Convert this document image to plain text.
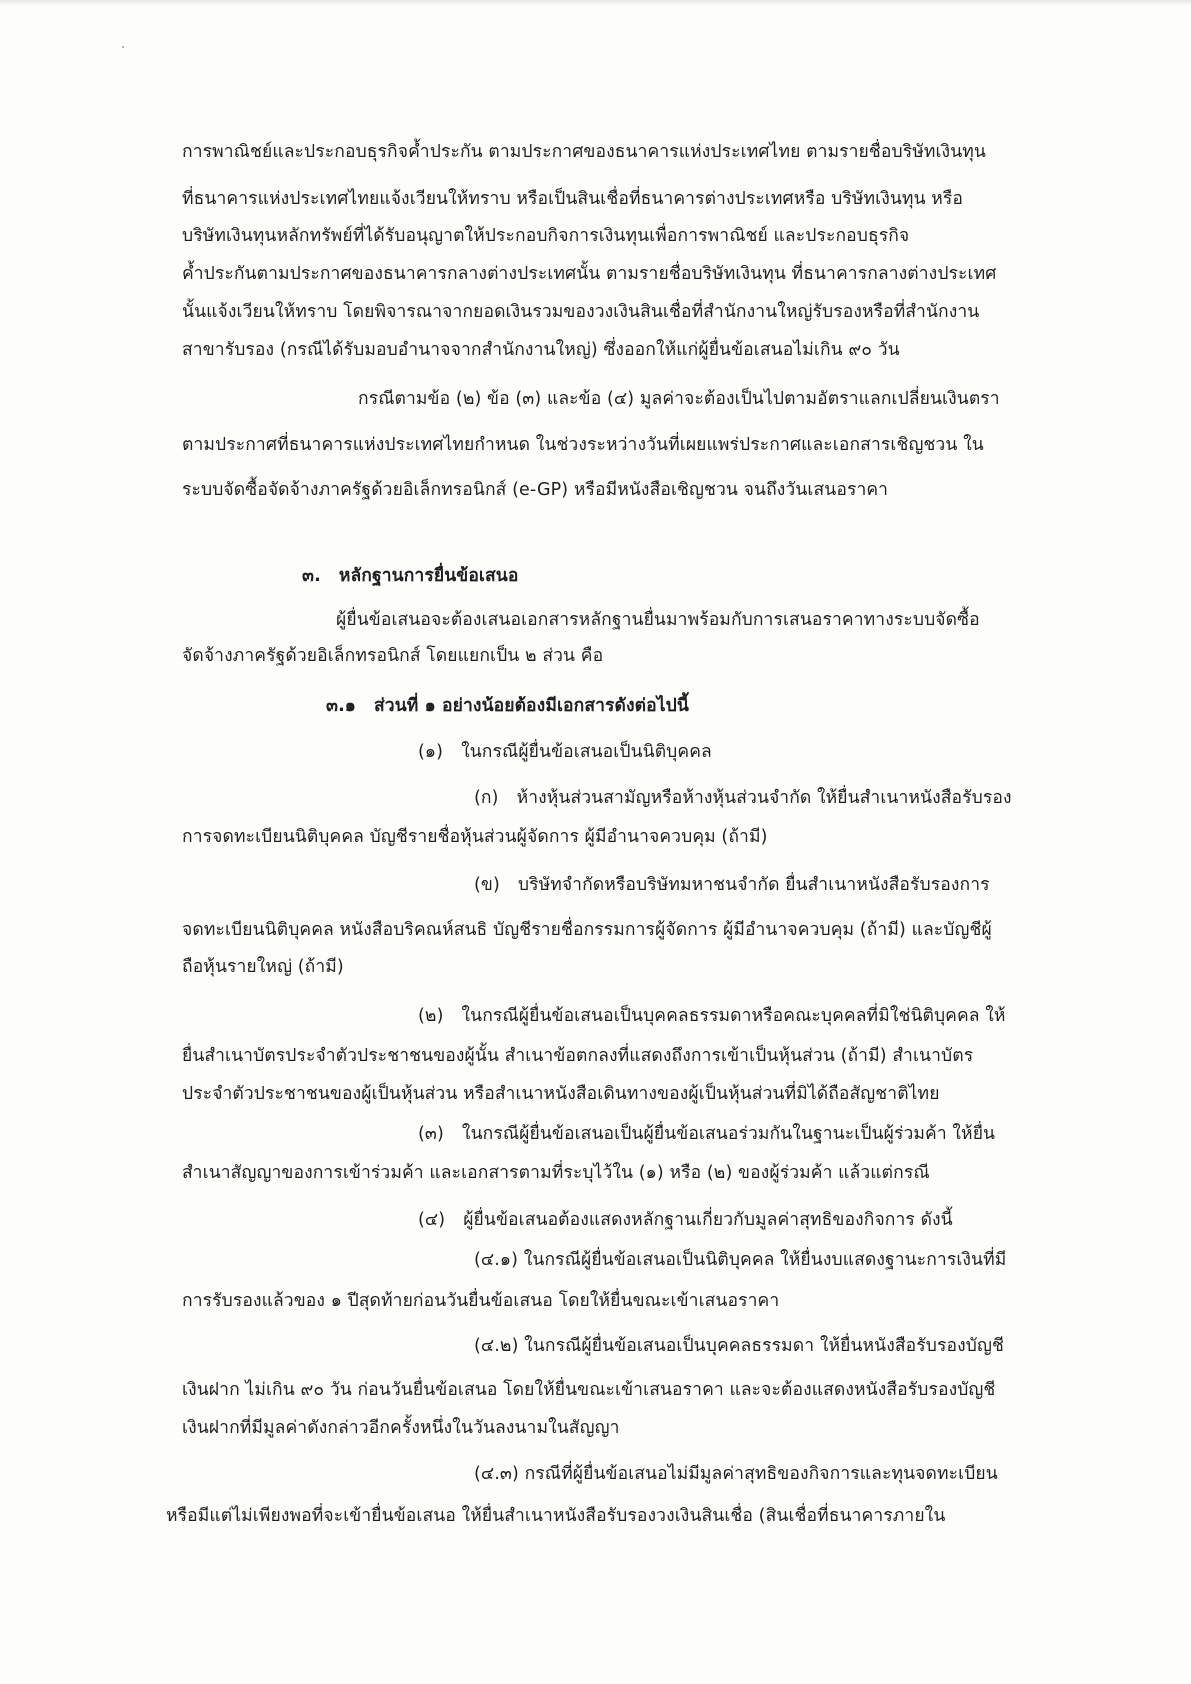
การพาณิชย์และประกอบธุรกิจค้ำประกัน ตามประกาศของธนาคารแห่งประเทศไทย ตามรายชื่อบริษัทเงินทุน
ที่ธนาคารแห่งประเทศไทยแจ้งเวียนให้ทราบ หรือเป็นสินเชื่อที่ธนาคารต่างประเทศหรือ บริษัทเงินทุน หรือ
บริษัทเงินทุนหลักทรัพย์ที่ได้รับอนุญาตให้ประกอบกิจการเงินทุนเพื่อการพาณิชย์ และประกอบธุรกิจ
ค้ำประกันตามประกาศของธนาคารกลางต่างประเทศนั้น ตามรายชื่อบริษัทเงินทุน ที่ธนาคารกลางต่างประเทศ
นั้นแจ้งเวียนให้ทราบ โดยพิจารณาจากยอดเงินรวมของวงเงินสินเชื่อที่สำนักงานใหญ่รับรองหรือที่สำนักงาน
สาขารับรอง (กรณีได้รับมอบอำนาจจากสำนักงานใหญ่) ซึ่งออกให้แก่ผู้ยื่นข้อเสนอไม่เกิน ๙๐ วัน
กรณีตามข้อ (๒) ข้อ (๓) และข้อ (๔) มูลค่าจะต้องเป็นไปตามอัตราแลกเปลี่ยนเงินตรา
ตามประกาศที่ธนาคารแห่งประเทศไทยกำหนด ในช่วงระหว่างวันที่เผยแพร่ประกาศและเอกสารเชิญชวน ใน
ระบบจัดซื้อจัดจ้างภาครัฐด้วยอิเล็กทรอนิกส์ (e-GP) หรือมีหนังสือเชิญชวน จนถึงวันเสนอราคา
๓. หลักฐานการยื่นข้อเสนอ
ผู้ยื่นข้อเสนอจะต้องเสนอเอกสารหลักฐานยื่นมาพร้อมกับการเสนอราคาทางระบบจัดซื้อ
จัดจ้างภาครัฐด้วยอิเล็กทรอนิกส์ โดยแยกเป็น ๒ ส่วน คือ
๓.๑ ส่วนที่ ๑ อย่างน้อยต้องมีเอกสารดังต่อไปนี้
(๑) ในกรณีผู้ยื่นข้อเสนอเป็นนิติบุคคล
(ก) ห้างหุ้นส่วนสามัญหรือห้างหุ้นส่วนจำกัด ให้ยื่นสำเนาหนังสือรับรอง
การจดทะเบียนนิติบุคคล บัญชีรายชื่อหุ้นส่วนผู้จัดการ ผู้มีอำนาจควบคุม (ถ้ามี)
(ข) บริษัทจำกัดหรือบริษัทมหาชนจำกัด ยื่นสำเนาหนังสือรับรองการ
จดทะเบียนนิติบุคคล หนังสือบริคณห์สนธิ บัญชีรายชื่อกรรมการผู้จัดการ ผู้มีอำนาจควบคุม (ถ้ามี) และบัญชีผู้
ถือหุ้นรายใหญ่ (ถ้ามี)
(๒) ในกรณีผู้ยื่นข้อเสนอเป็นบุคคลธรรมดาหรือคณะบุคคลที่มิใช่นิติบุคคล ให้
ยื่นสำเนาบัตรประจำตัวประชาชนของผู้นั้น สำเนาข้อตกลงที่แสดงถึงการเข้าเป็นหุ้นส่วน (ถ้ามี) สำเนาบัตร
ประจำตัวประชาชนของผู้เป็นหุ้นส่วน หรือสำเนาหนังสือเดินทางของผู้เป็นหุ้นส่วนที่มิได้ถือสัญชาติไทย
(๓) ในกรณีผู้ยื่นข้อเสนอเป็นผู้ยื่นข้อเสนอร่วมกันในฐานะเป็นผู้ร่วมค้า ให้ยื่น
สำเนาสัญญาของการเข้าร่วมค้า และเอกสารตามที่ระบุไว้ใน (๑) หรือ (๒) ของผู้ร่วมค้า แล้วแต่กรณี
(๔) ผู้ยื่นข้อเสนอต้องแสดงหลักฐานเกี่ยวกับมูลค่าสุทธิของกิจการ ดังนี้
(๔.๑) ในกรณีผู้ยื่นข้อเสนอเป็นนิติบุคคล ให้ยื่นงบแสดงฐานะการเงินที่มี
การรับรองแล้วของ ๑ ปีสุดท้ายก่อนวันยื่นข้อเสนอ โดยให้ยื่นขณะเข้าเสนอราคา
(๔.๒) ในกรณีผู้ยื่นข้อเสนอเป็นบุคคลธรรมดา ให้ยื่นหนังสือรับรองบัญชี
เงินฝาก ไม่เกิน ๙๐ วัน ก่อนวันยื่นข้อเสนอ โดยให้ยื่นขณะเข้าเสนอราคา และจะต้องแสดงหนังสือรับรองบัญชี
เงินฝากที่มีมูลค่าดังกล่าวอีกครั้งหนึ่งในวันลงนามในสัญญา
(๔.๓) กรณีที่ผู้ยื่นข้อเสนอไม่มีมูลค่าสุทธิของกิจการและทุนจดทะเบียน
หรือมีแต่ไม่เพียงพอที่จะเข้ายื่นข้อเสนอ ให้ยื่นสำเนาหนังสือรับรองวงเงินสินเชื่อ (สินเชื่อที่ธนาคารภายใน
